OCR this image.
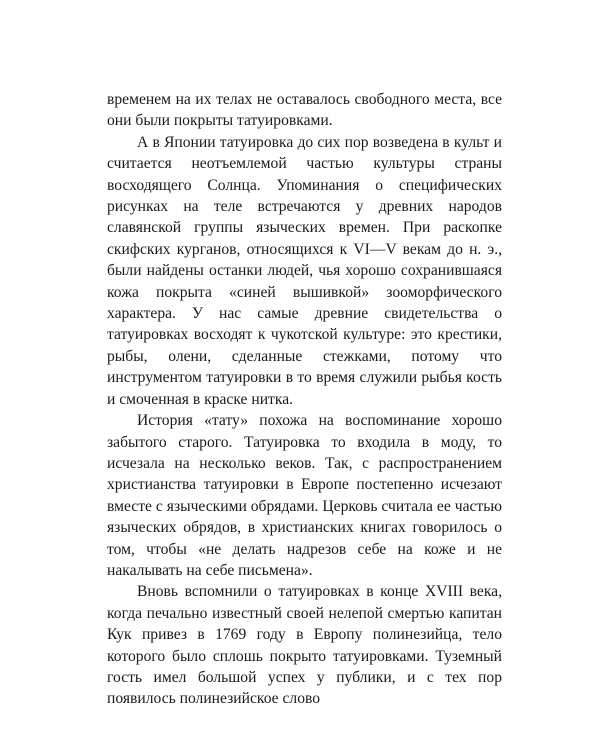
временем на их телах не оставалось свободного места, все они были покрыты татуировками.

А в Японии татуировка до сих пор возведена в культ и считается неотъемлемой частью культуры страны восходящего Солнца. Упоминания о специфических рисунках на теле встречаются у древних народов славянской группы языческих времен. При раскопке скифских курганов, относящихся к VI—V векам до н. э., были найдены останки людей, чья хорошо сохранившаяся кожа покрыта «синей вышивкой» зооморфического характера. У нас самые древние свидетельства о татуировках восходят к чукотской культуре: это крестики, рыбы, олени, сделанные стежками, потому что инструментом татуировки в то время служили рыбья кость и смоченная в краске нитка.

История «тату» похожа на воспоминание хорошо забытого старого. Татуировка то входила в моду, то исчезала на несколько веков. Так, с распространением христианства татуировки в Европе постепенно исчезают вместе с языческими обрядами. Церковь считала ее частью языческих обрядов, в христианских книгах говорилось о том, чтобы «не делать надрезов себе на коже и не накалывать на себе письмена».

Вновь вспомнили о татуировках в конце XVIII века, когда печально известный своей нелепой смертью капитан Кук привез в 1769 году в Европу полинезийца, тело которого было сплошь покрыто татуировками. Туземный гость имел большой успех у публики, и с тех пор появилось полинезийское слово
